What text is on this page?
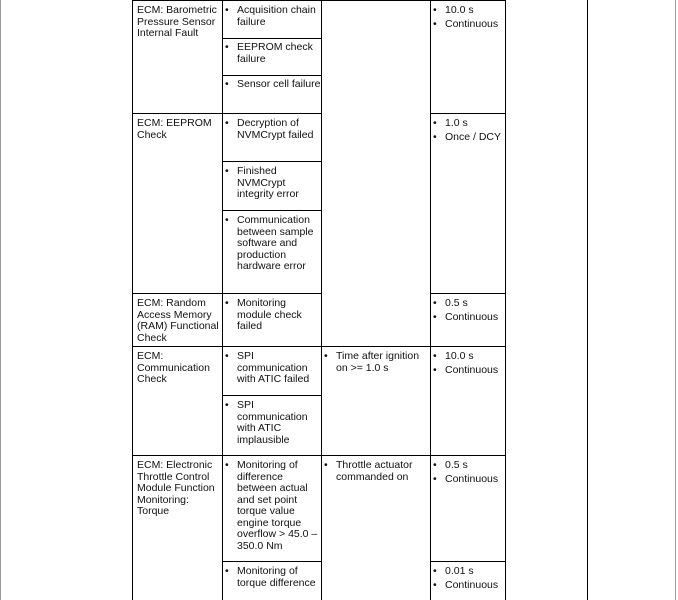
ECM: Barometric Pressure Sensor Internal Fault
• Acquisition chain failure
• EEPROM check failure
• Sensor cell failure
• 10.0 s
• Continuous
ECM: EEPROM Check
• Decryption of NVMCrypt failed
• Finished NVMCrypt integrity error
• Communication between sample software and production hardware error
• 1.0 s
• Once / DCY
ECM: Random Access Memory (RAM) Functional Check
• Monitoring module check failed
• 0.5 s
• Continuous
ECM: Communication Check
• SPI communication with ATIC failed
• SPI communication with ATIC implausible
• Time after ignition on >= 1.0 s
• 10.0 s
• Continuous
ECM: Electronic Throttle Control Module Function Monitoring: Torque
• Monitoring of difference between actual and set point torque value engine torque overflow > 45.0 – 350.0 Nm
• Monitoring of torque difference
• Throttle actuator commanded on
• 0.5 s
• Continuous
• 0.01 s
• Continuous
